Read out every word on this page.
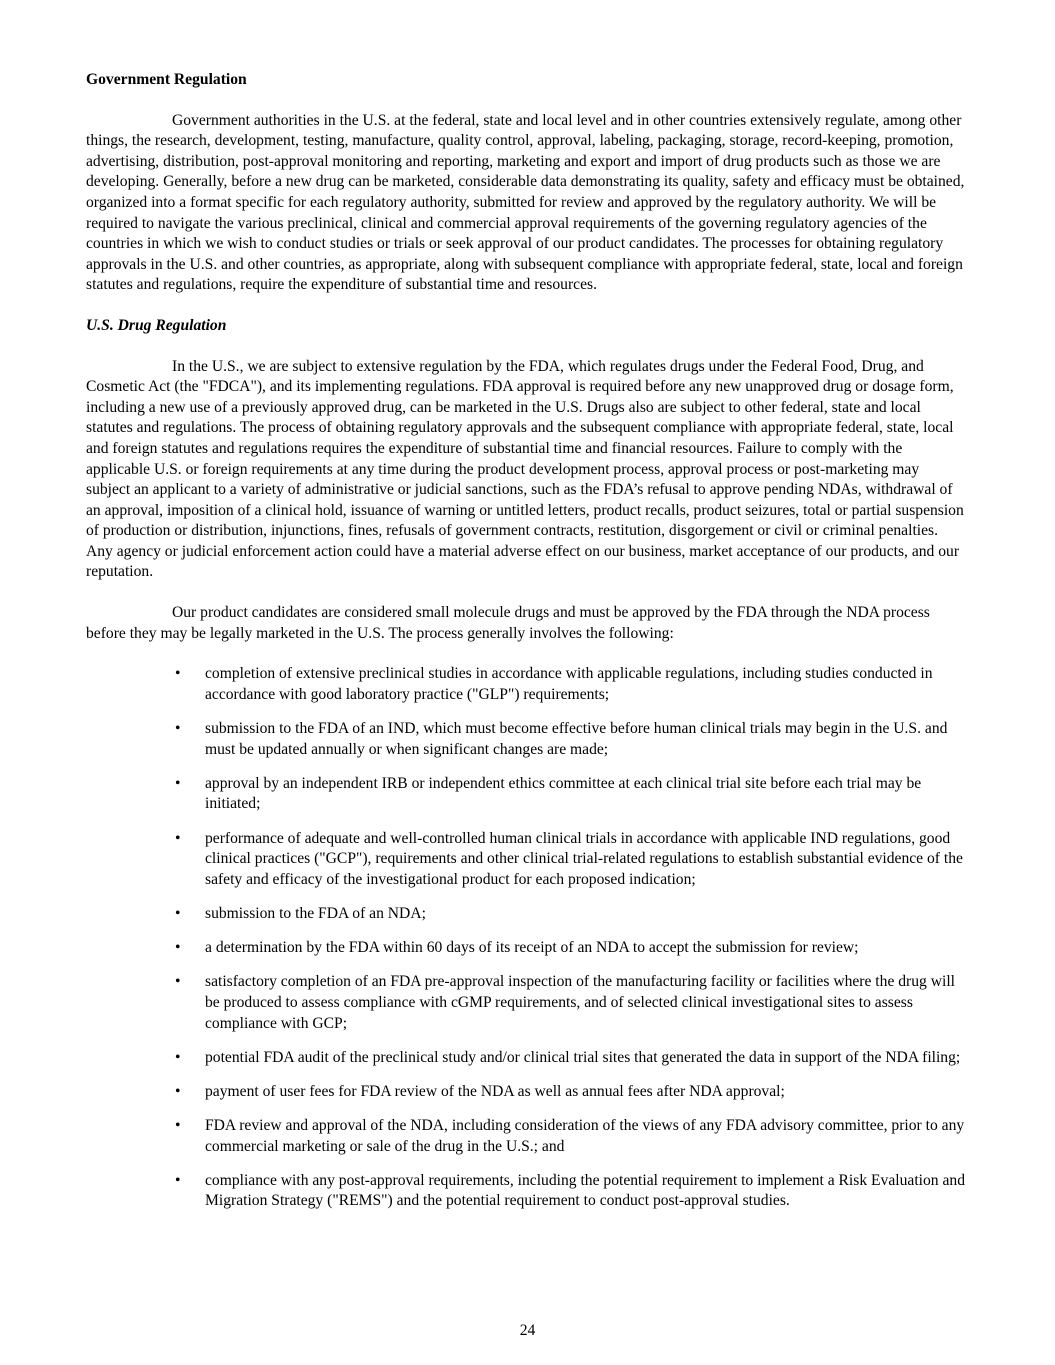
Government Regulation

Government authorities in the U.S. at the federal, state and local level and in other countries extensively regulate, among other things, the research, development, testing, manufacture, quality control, approval, labeling, packaging, storage, record-keeping, promotion, advertising, distribution, post-approval monitoring and reporting, marketing and export and import of drug products such as those we are developing. Generally, before a new drug can be marketed, considerable data demonstrating its quality, safety and efficacy must be obtained, organized into a format specific for each regulatory authority, submitted for review and approved by the regulatory authority. We will be required to navigate the various preclinical, clinical and commercial approval requirements of the governing regulatory agencies of the countries in which we wish to conduct studies or trials or seek approval of our product candidates. The processes for obtaining regulatory approvals in the U.S. and other countries, as appropriate, along with subsequent compliance with appropriate federal, state, local and foreign statutes and regulations, require the expenditure of substantial time and resources.

U.S. Drug Regulation

In the U.S., we are subject to extensive regulation by the FDA, which regulates drugs under the Federal Food, Drug, and Cosmetic Act (the "FDCA"), and its implementing regulations. FDA approval is required before any new unapproved drug or dosage form, including a new use of a previously approved drug, can be marketed in the U.S. Drugs also are subject to other federal, state and local statutes and regulations. The process of obtaining regulatory approvals and the subsequent compliance with appropriate federal, state, local and foreign statutes and regulations requires the expenditure of substantial time and financial resources. Failure to comply with the applicable U.S. or foreign requirements at any time during the product development process, approval process or post-marketing may subject an applicant to a variety of administrative or judicial sanctions, such as the FDA’s refusal to approve pending NDAs, withdrawal of an approval, imposition of a clinical hold, issuance of warning or untitled letters, product recalls, product seizures, total or partial suspension of production or distribution, injunctions, fines, refusals of government contracts, restitution, disgorgement or civil or criminal penalties. Any agency or judicial enforcement action could have a material adverse effect on our business, market acceptance of our products, and our reputation.

Our product candidates are considered small molecule drugs and must be approved by the FDA through the NDA process before they may be legally marketed in the U.S. The process generally involves the following:

• completion of extensive preclinical studies in accordance with applicable regulations, including studies conducted in accordance with good laboratory practice ("GLP") requirements;
• submission to the FDA of an IND, which must become effective before human clinical trials may begin in the U.S. and must be updated annually or when significant changes are made;
• approval by an independent IRB or independent ethics committee at each clinical trial site before each trial may be initiated;
• performance of adequate and well-controlled human clinical trials in accordance with applicable IND regulations, good clinical practices ("GCP"), requirements and other clinical trial-related regulations to establish substantial evidence of the safety and efficacy of the investigational product for each proposed indication;
• submission to the FDA of an NDA;
• a determination by the FDA within 60 days of its receipt of an NDA to accept the submission for review;
• satisfactory completion of an FDA pre-approval inspection of the manufacturing facility or facilities where the drug will be produced to assess compliance with cGMP requirements, and of selected clinical investigational sites to assess compliance with GCP;
• potential FDA audit of the preclinical study and/or clinical trial sites that generated the data in support of the NDA filing;
• payment of user fees for FDA review of the NDA as well as annual fees after NDA approval;
• FDA review and approval of the NDA, including consideration of the views of any FDA advisory committee, prior to any commercial marketing or sale of the drug in the U.S.; and
• compliance with any post-approval requirements, including the potential requirement to implement a Risk Evaluation and Migration Strategy ("REMS") and the potential requirement to conduct post-approval studies.
24
